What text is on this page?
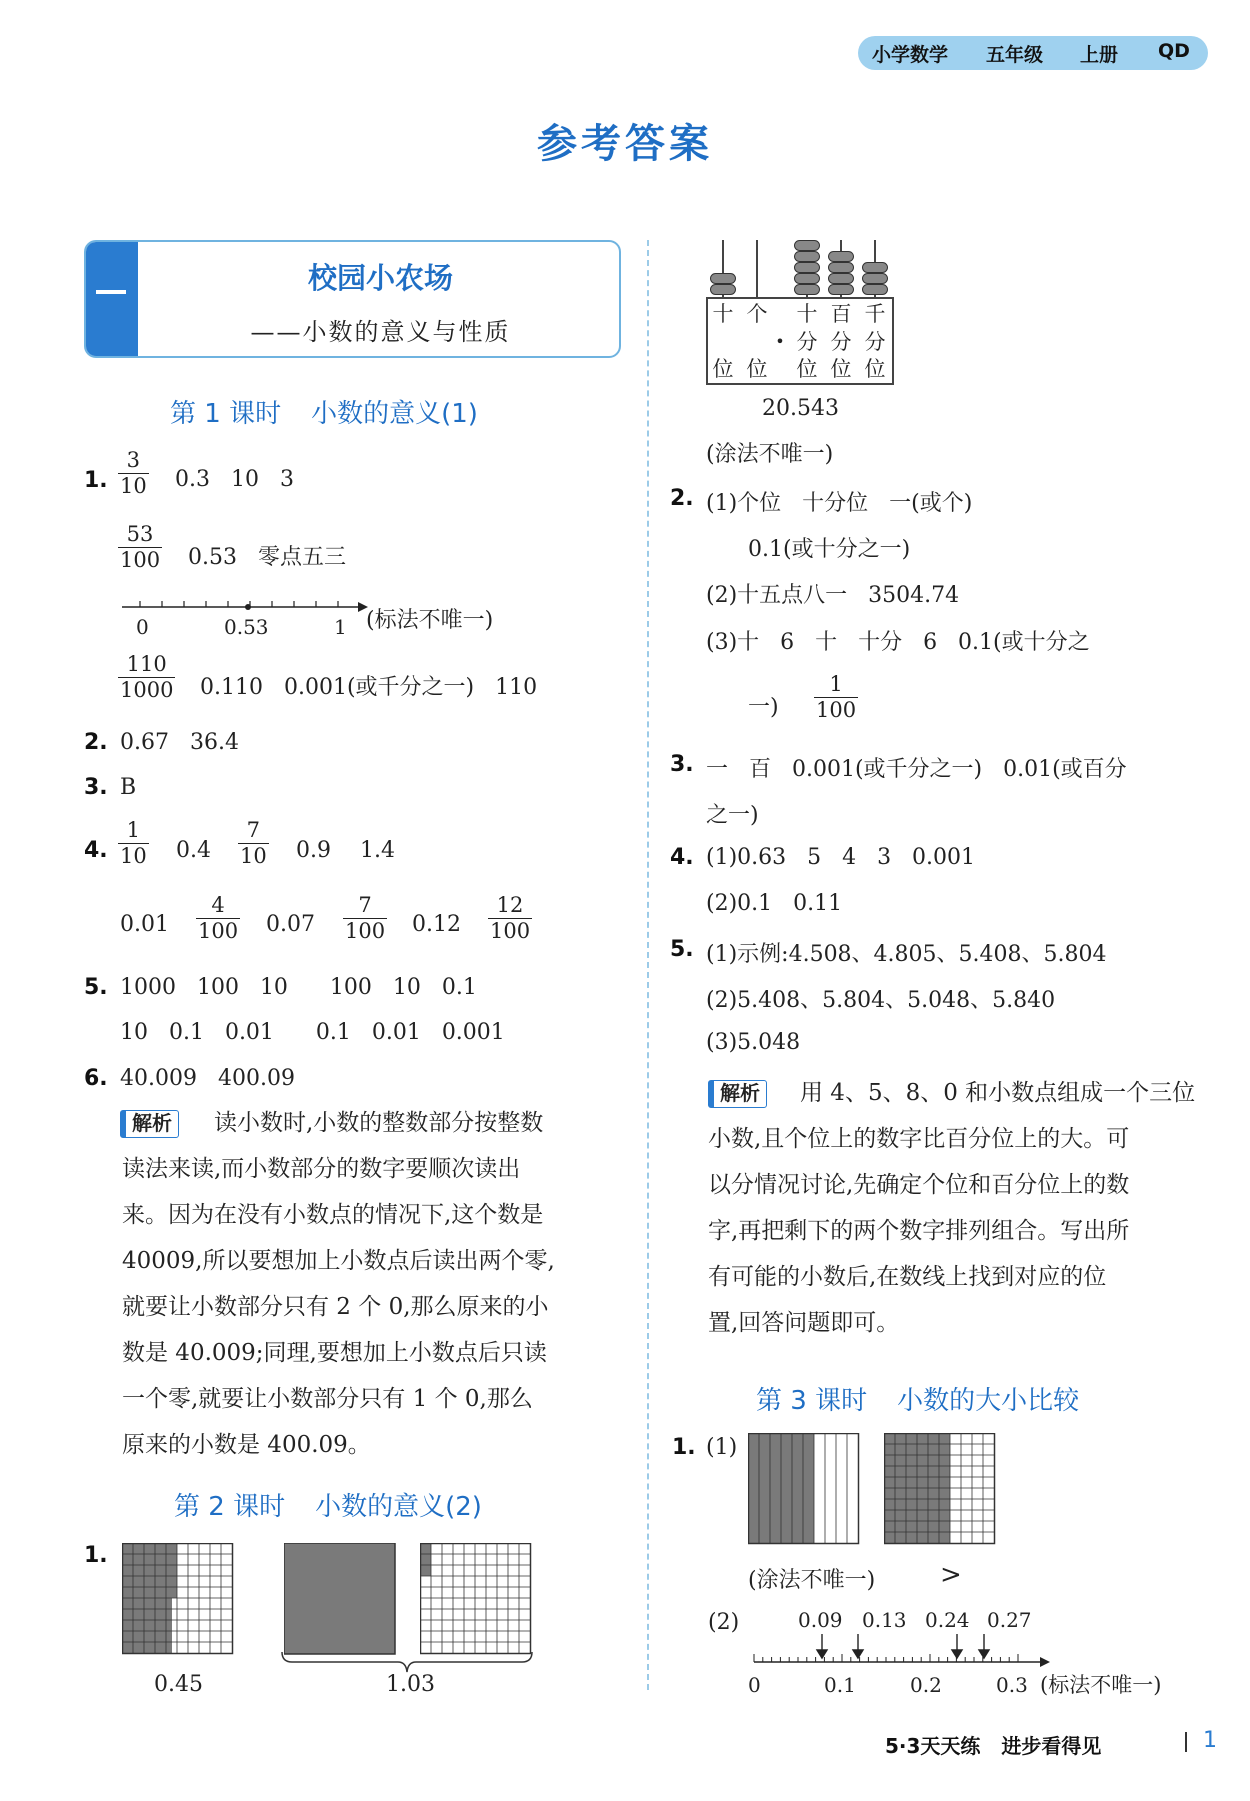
小学数学 五年级 上册 QD
参考答案
校园小农场
——小数的意义与性质
第 1 课时 小数的意义(1)
1. $\frac{3}{10} 0.3$   10   3
$\frac{53}{100} 0.53$   零点五三
0	0.53	1 (标法不唯一)
$\frac{110}{1000} 0.110$   0.001(或千分之一)   110
2. 0.67   36.4
3. B
4. $\frac{1}{10} 0.4 \frac{7}{10} 0.9$ 1.4
$0.01 \frac{4}{100} 0.07 \frac{7}{100} 0.12 \frac{12}{100}$
5. 1000   100   10      100   10   0.1
10   0.1   0.01      0.1   0.01   0.001
6. 40.009   400.09
解析	读小数时,小数的整数部分按整数
读法来读,而小数部分的数字要顺次读出
来。因为在没有小数点的情况下,这个数是
40009,所以要想加上小数点后读出两个零,
就要让小数部分只有 2 个 0,那么原来的小
数是 40.009;同理,要想加上小数点后只读
一个零,就要让小数部分只有 1 个 0,那么
原来的小数是 400.09。
第 2 课时 小数的意义(2)
1.
0.45	1.03
十 个 十 百 千
分 分 分
•
位 位 位 位 位
20.543
(涂法不唯一)
2. (1)个位   十分位   一(或个)
0.1(或十分之一)
(2)十五点八一   3504.74
(3)十   6   十   十分   6   0.1(或十分之
一) $\frac{1}{100}$
3. 一   百   0.001(或千分之一)   0.01(或百分
之一)
4. (1)0.63   5   4   3   0.001
(2)0.1   0.11
5. (1)示例:4.508、4.805、5.408、5.804
(2)5.408、5.804、5.048、5.840
(3)5.048
解析	用 4、5、8、0 和小数点组成一个三位
小数,且个位上的数字比百分位上的大。可
以分情况讨论,先确定个位和百分位上的数
字,再把剩下的两个数字排列组合。写出所
有可能的小数后,在数线上找到对应的位
置,回答问题即可。
第 3 课时 小数的大小比较
1. (1)
(涂法不唯一) >
(2)	0.09 0.13 0.24 0.27
0	0.1	0.2	0.3 (标法不唯一)
5·3天天练   进步看得见	1
